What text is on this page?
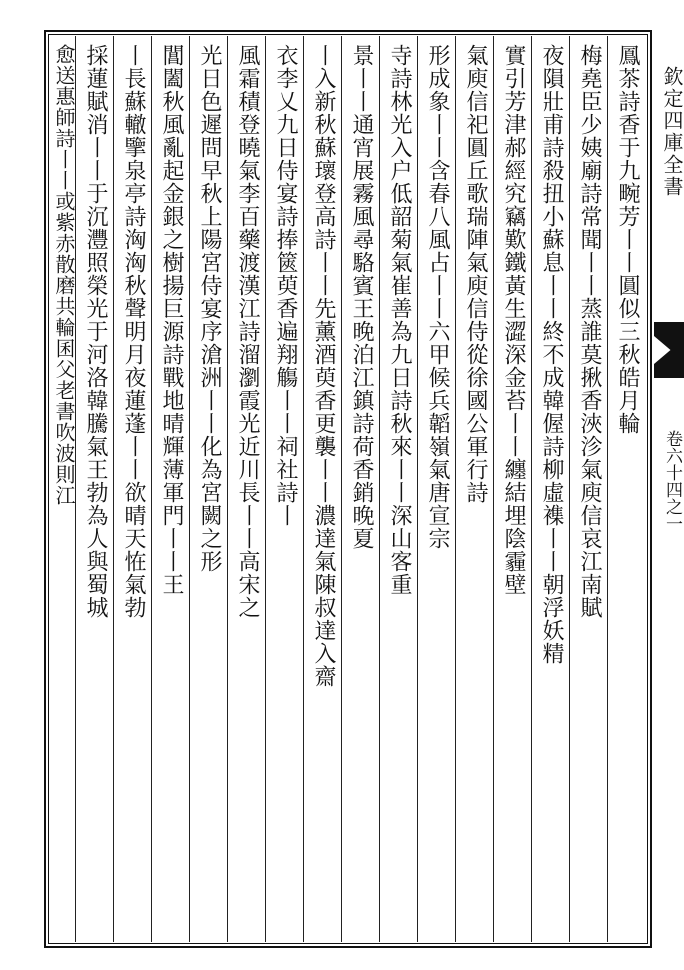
鳳茶詩香于九畹芳丨丨圓似三秋皓月輪
梅堯臣少姨廟詩常聞丨丨蒸誰莫揪香浹沴氣庾信哀江南賦
夜隕壯甫詩殺扭小蘇息丨丨終不成韓偓詩柳虛襍丨丨朝浮妖精
實引芳津郝經究竊歎鐵黃生澀深金苔丨丨纏結埋陰霾壁
氣庾信祀圓丘歌瑞陣氣庾信侍從徐國公軍行詩
形成象丨丨含春八風占丨丨六甲候兵韜嶺氣唐宣宗
寺詩林光入户低韶菊氣崔善為九日詩秋來丨丨深山客重
景丨丨通宵展霧風尋駱賓王晚泊江鎮詩荷香銷晚夏
丨入新秋蘇瓌登高詩丨丨先薰酒萸香更襲丨丨濃達氣陳叔達入齋
衣李乂九日侍宴詩捧篋萸香遍翔觴丨丨祠社詩丨
風霜積登曉氣李百藥渡漢江詩溜瀏霞光近川長丨丨高宋之
光日色遲問早秋上陽宮侍宴序滄洲丨丨化為宮闕之形
閶闔秋風亂起金銀之樹揚巨源詩戰地晴輝薄軍門丨丨王
丨長蘇轍擥泉亭詩洶洶秋聲明月夜蓮蓬丨丨欲晴天恠氣勃
採蓮賦消丨丨于沉灃照榮光于河洛韓騰氣王勃為人與蜀城
愈送惠師詩丨丨或紫赤散磨共輪囷父老書吹波則江	欽定四庫全書
卷六十四之一
